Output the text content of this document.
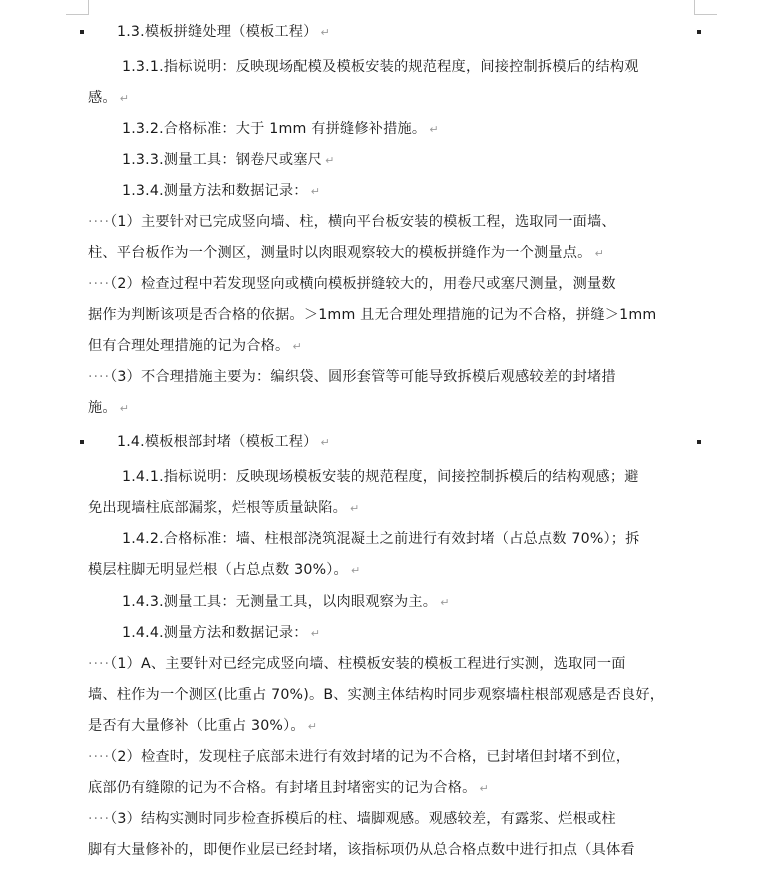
1.3.模板拼缝处理（模板工程） ↵
1.3.1.指标说明：反映现场配模及模板安装的规范程度，间接控制拆模后的结构观
感。 ↵
1.3.2.合格标准：大于 1mm 有拼缝修补措施。 ↵
1.3.3.测量工具：钢卷尺或塞尺 ↵
1.3.4.测量方法和数据记录： ↵
····（1）主要针对已完成竖向墙、柱，横向平台板安装的模板工程，选取同一面墙、
柱、平台板作为一个测区，测量时以肉眼观察较大的模板拼缝作为一个测量点。 ↵
····（2）检查过程中若发现竖向或横向模板拼缝较大的，用卷尺或塞尺测量，测量数
据作为判断该项是否合格的依据。＞1mm 且无合理处理措施的记为不合格，拼缝＞1mm
但有合理处理措施的记为合格。 ↵
····（3）不合理措施主要为：编织袋、圆形套管等可能导致拆模后观感较差的封堵措
施。 ↵
1.4.模板根部封堵（模板工程） ↵
1.4.1.指标说明：反映现场模板安装的规范程度，间接控制拆模后的结构观感；避
免出现墙柱底部漏浆，烂根等质量缺陷。 ↵
1.4.2.合格标准：墙、柱根部浇筑混凝土之前进行有效封堵（占总点数 70%）；拆
模层柱脚无明显烂根（占总点数 30%）。 ↵
1.4.3.测量工具：无测量工具，以肉眼观察为主。 ↵
1.4.4.测量方法和数据记录： ↵
····（1）A、主要针对已经完成竖向墙、柱模板安装的模板工程进行实测，选取同一面
墙、柱作为一个测区(比重占 70%)。B、实测主体结构时同步观察墙柱根部观感是否良好，
是否有大量修补（比重占 30%）。 ↵
····（2）检查时，发现柱子底部未进行有效封堵的记为不合格，已封堵但封堵不到位，
底部仍有缝隙的记为不合格。有封堵且封堵密实的记为合格。 ↵
····（3）结构实测时同步检查拆模后的柱、墙脚观感。观感较差，有露浆、烂根或柱
脚有大量修补的，即便作业层已经封堵，该指标项仍从总合格点数中进行扣点（具体看
